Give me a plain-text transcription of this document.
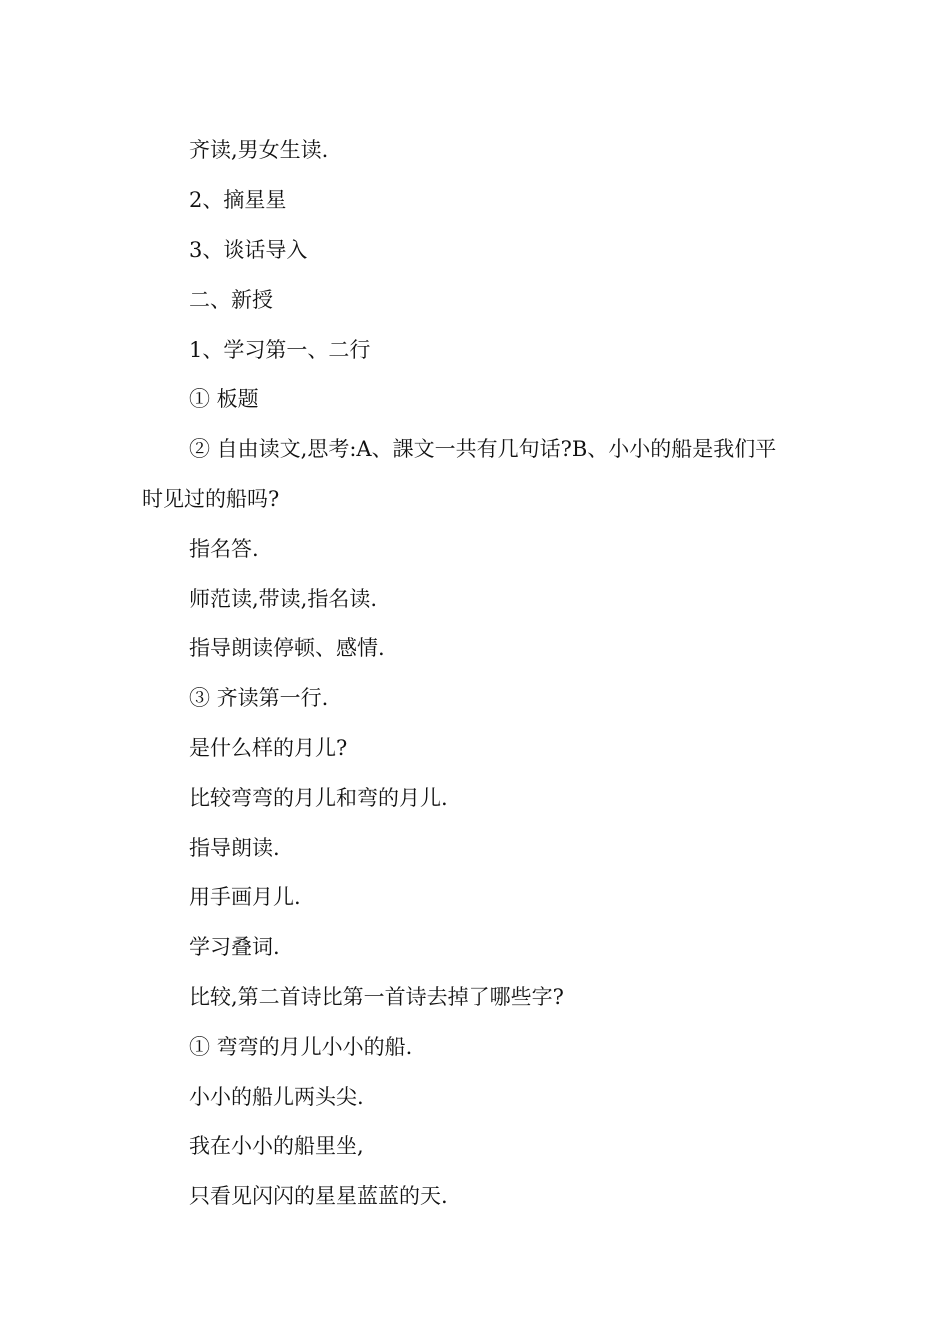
齐读,男女生读.

2、摘星星

3、谈话导入

二、新授

1、学习第一、二行

① 板题

② 自由读文,思考:A、課文一共有几句话?B、小小的船是我们平

时见过的船吗?

指名答.

师范读,带读,指名读.

指导朗读停顿、感情.

③ 齐读第一行.

是什么样的月儿?

比较弯弯的月儿和弯的月儿.

指导朗读.

用手画月儿.

学习叠词.

比较,第二首诗比第一首诗去掉了哪些字?

① 弯弯的月儿小小的船.

小小的船儿两头尖.

我在小小的船里坐,

只看见闪闪的星星蓝蓝的天.
